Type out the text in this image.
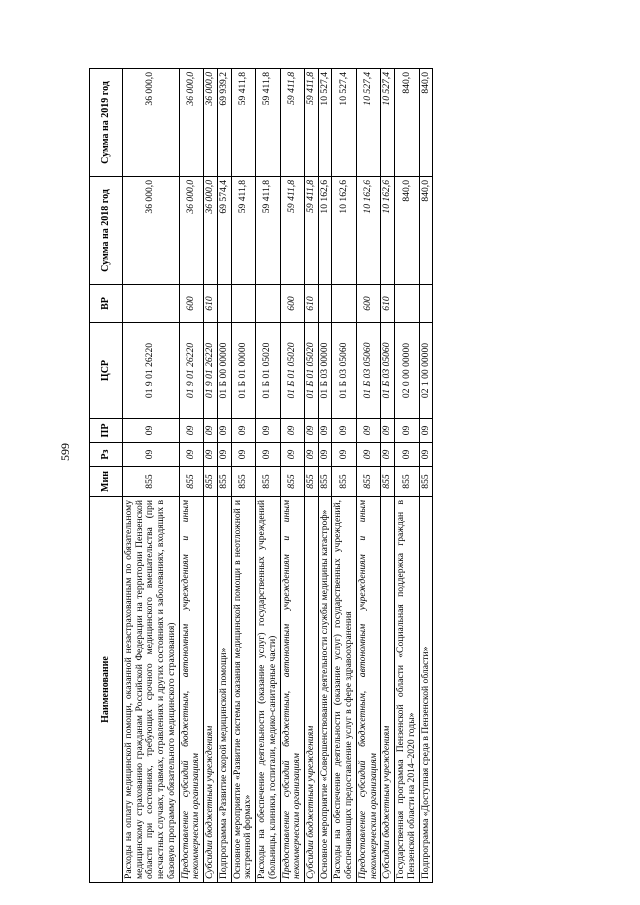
599
Наименование	Мин	Рз	ПР	ЦСР	ВР	Сумма на 2018 год	Сумма на 2019 год
Расходы на оплату медицинской помощи, оказанной незастрахованным по обязательному медицинскому страхованию гражданам Российской Федерации на территории Пензенской области при состояниях, требующих срочного медицинского вмешательства (при несчастных случаях, травмах, отравлениях и других состояниях и заболеваниях, входящих в базовую программу обязательного медицинского страхования)	855	09	09	01 9 01 26220		36 000,0	36 000,0
Предоставление субсидий бюджетным, автономным учреждениям и иным некоммерческим организациям	855	09	09	01 9 01 26220	600	36 000,0	36 000,0
Субсидии бюджетным учреждениям	855	09	09	01 9 01 26220	610	36 000,0	36 000,0
Подпрограмма «Развитие скорой медицинской помощи»	855	09	09	01 Б 00 00000		69 574,4	69 939,2
Основное мероприятие «Развитие системы оказания медицинской помощи в неотложной и экстренной формах»	855	09	09	01 Б 01 00000		59 411,8	59 411,8
Расходы на обеспечение деятельности (оказание услуг) государственных учреждений (больницы, клиники, госпитали, медико-санитарные части)	855	09	09	01 Б 01 05020		59 411,8	59 411,8
Предоставление субсидий бюджетным, автономным учреждениям и иным некоммерческим организациям	855	09	09	01 Б 01 05020	600	59 411,8	59 411,8
Субсидии бюджетным учреждениям	855	09	09	01 Б 01 05020	610	59 411,8	59 411,8
Основное мероприятие «Совершенствование деятельности службы медицины катастроф»	855	09	09	01 Б 03 00000		10 162,6	10 527,4
Расходы на обеспечение деятельности (оказание услуг) государственных учреждений, обеспечивающих предоставление услуг в сфере здравоохранения	855	09	09	01 Б 03 05060		10 162,6	10 527,4
Предоставление субсидий бюджетным, автономным учреждениям и иным некоммерческим организациям	855	09	09	01 Б 03 05060	600	10 162,6	10 527,4
Субсидии бюджетным учреждениям	855	09	09	01 Б 03 05060	610	10 162,6	10 527,4
Государственная программа Пензенской области «Социальная поддержка граждан в Пензенской области на 2014–2020 годы»	855	09	09	02 0 00 00000		840,0	840,0
Подпрограмма «Доступная среда в Пензенской области»	855	09	09	02 1 00 00000		840,0	840,0
